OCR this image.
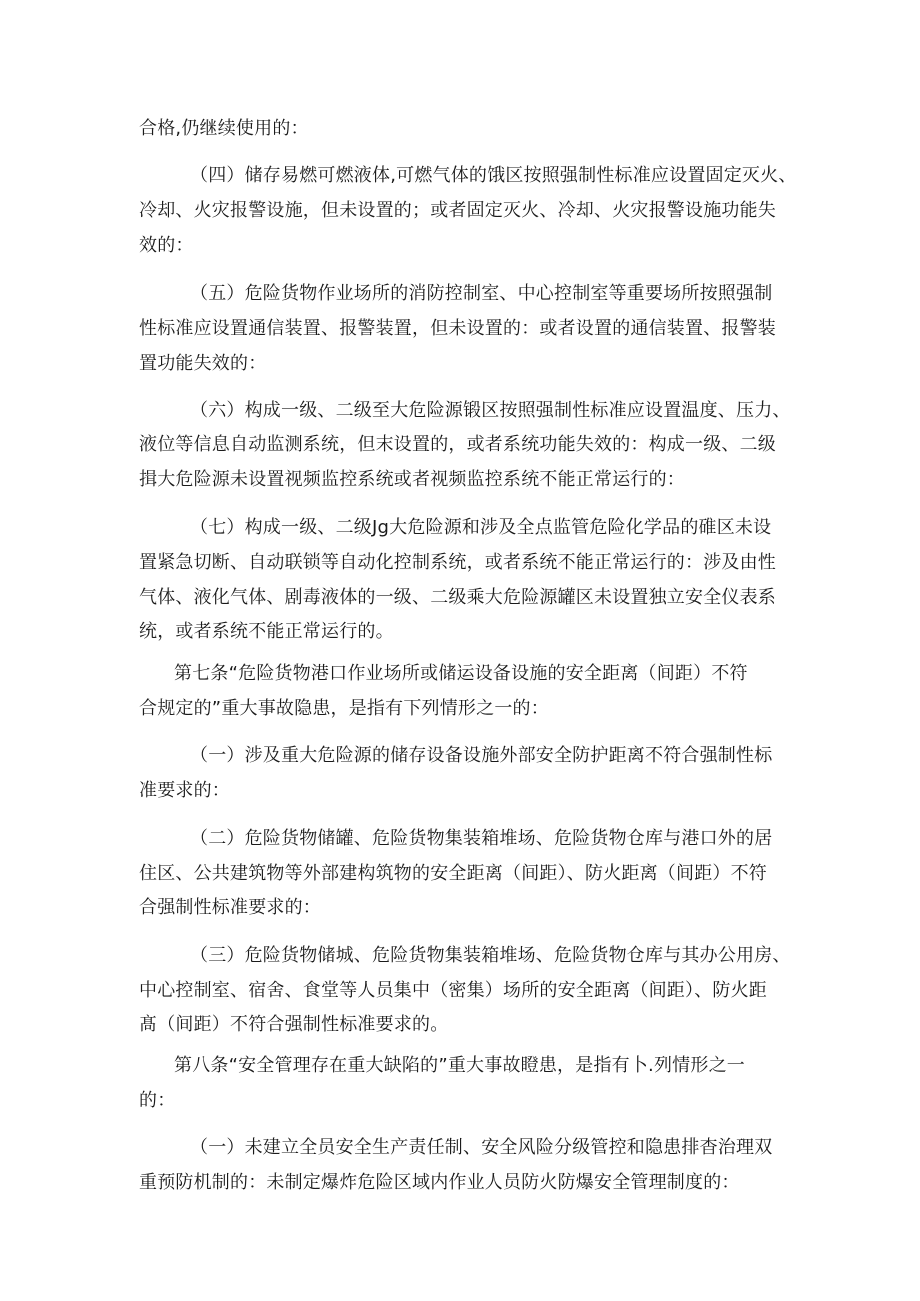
合格,仍继续使用的：
（四）储存易燃可燃液体,可燃气体的饿区按照强制性标准应设置固定灭火、
冷却、火灾报警设施，但未设置的；或者固定灭火、冷却、火灾报警设施功能失
效的：
（五）危险货物作业场所的消防控制室、中心控制室等重要场所按照强制
性标准应设置通信装置、报警装置，但未设置的：或者设置的通信装置、报警装
置功能失效的：
（六）构成一级、二级至大危险源锻区按照强制性标准应设置温度、压力、
液位等信息自动监测系统，但末设置的，或者系统功能失效的：构成一级、二级
揖大危险源未设置视频监控系统或者视频监控系统不能正常运行的：
（七）构成一级、二级Jg大危险源和涉及全点监管危险化学品的碓区未设
置紧急切断、自动联锁等自动化控制系统，或者系统不能正常运行的：涉及由性
气体、液化气体、剧毒液体的一级、二级乘大危险源罐区未设置独立安全仪表系
统，或者系统不能正常运行的。
第七条“危险货物港口作业场所或储运设备设施的安全距离（间距）不符
合规定的”重大事故隐患，是指有下列情形之一的：
（一）涉及重大危险源的储存设备设施外部安全防护距离不符合强制性标
准要求的：
（二）危险货物储罐、危险货物集装箱堆场、危险货物仓库与港口外的居
住区、公共建筑物等外部建构筑物的安全距离（间距）、防火距离（间距）不符
合强制性标准要求的：
（三）危险货物储城、危险货物集装箱堆场、危险货物仓库与其办公用房、
中心控制室、宿舍、食堂等人员集中（密集）场所的安全距离（间距）、防火距
髙（间距）不符合强制性标准要求的。
第八条“安全管理存在重大缺陷的”重大事故瞪患，是指有卜.列情形之一
的：
（一）未建立全员安全生产责任制、安全风险分级管控和隐患排杳治理双
重预防机制的：未制定爆炸危险区域内作业人员防火防爆安全管理制度的：
